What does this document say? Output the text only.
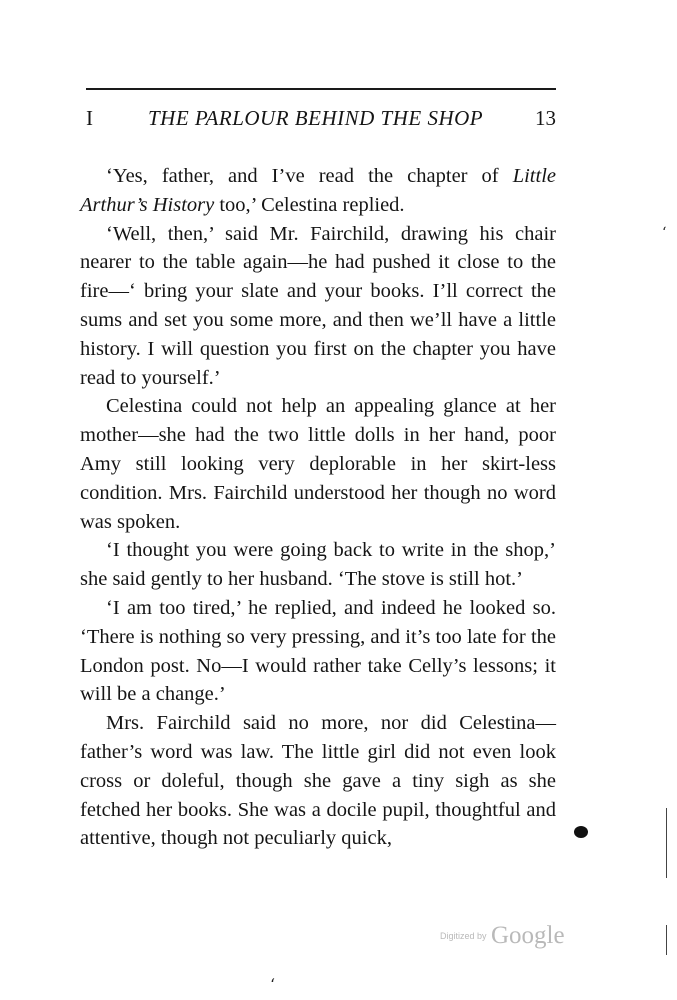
I	THE PARLOUR BEHIND THE SHOP 13

‘Yes, father, and I’ve read the chapter of Little Arthur’s History too,’ Celestina replied.

‘Well, then,’ said Mr. Fairchild, drawing his chair nearer to the table again—he had pushed it close to the fire—‘ bring your slate and your books. I’ll correct the sums and set you some more, and then we’ll have a little history. I will question you first on the chapter you have read to yourself.’

Celestina could not help an appealing glance at her mother—she had the two little dolls in her hand, poor Amy still looking very deplorable in her skirt-less condition. Mrs. Fairchild understood her though no word was spoken.

‘I thought you were going back to write in the shop,’ she said gently to her husband. ‘The stove is still hot.’

‘I am too tired,’ he replied, and indeed he looked so. ‘There is nothing so very pressing, and it’s too late for the London post. No—I would rather take Celly’s lessons; it will be a change.’

Mrs. Fairchild said no more, nor did Celestina—father’s word was law. The little girl did not even look cross or doleful, though she gave a tiny sigh as she fetched her books. She was a docile pupil, thoughtful and attentive, though not peculiarly quick,

‘
‘
Digitized by Google
